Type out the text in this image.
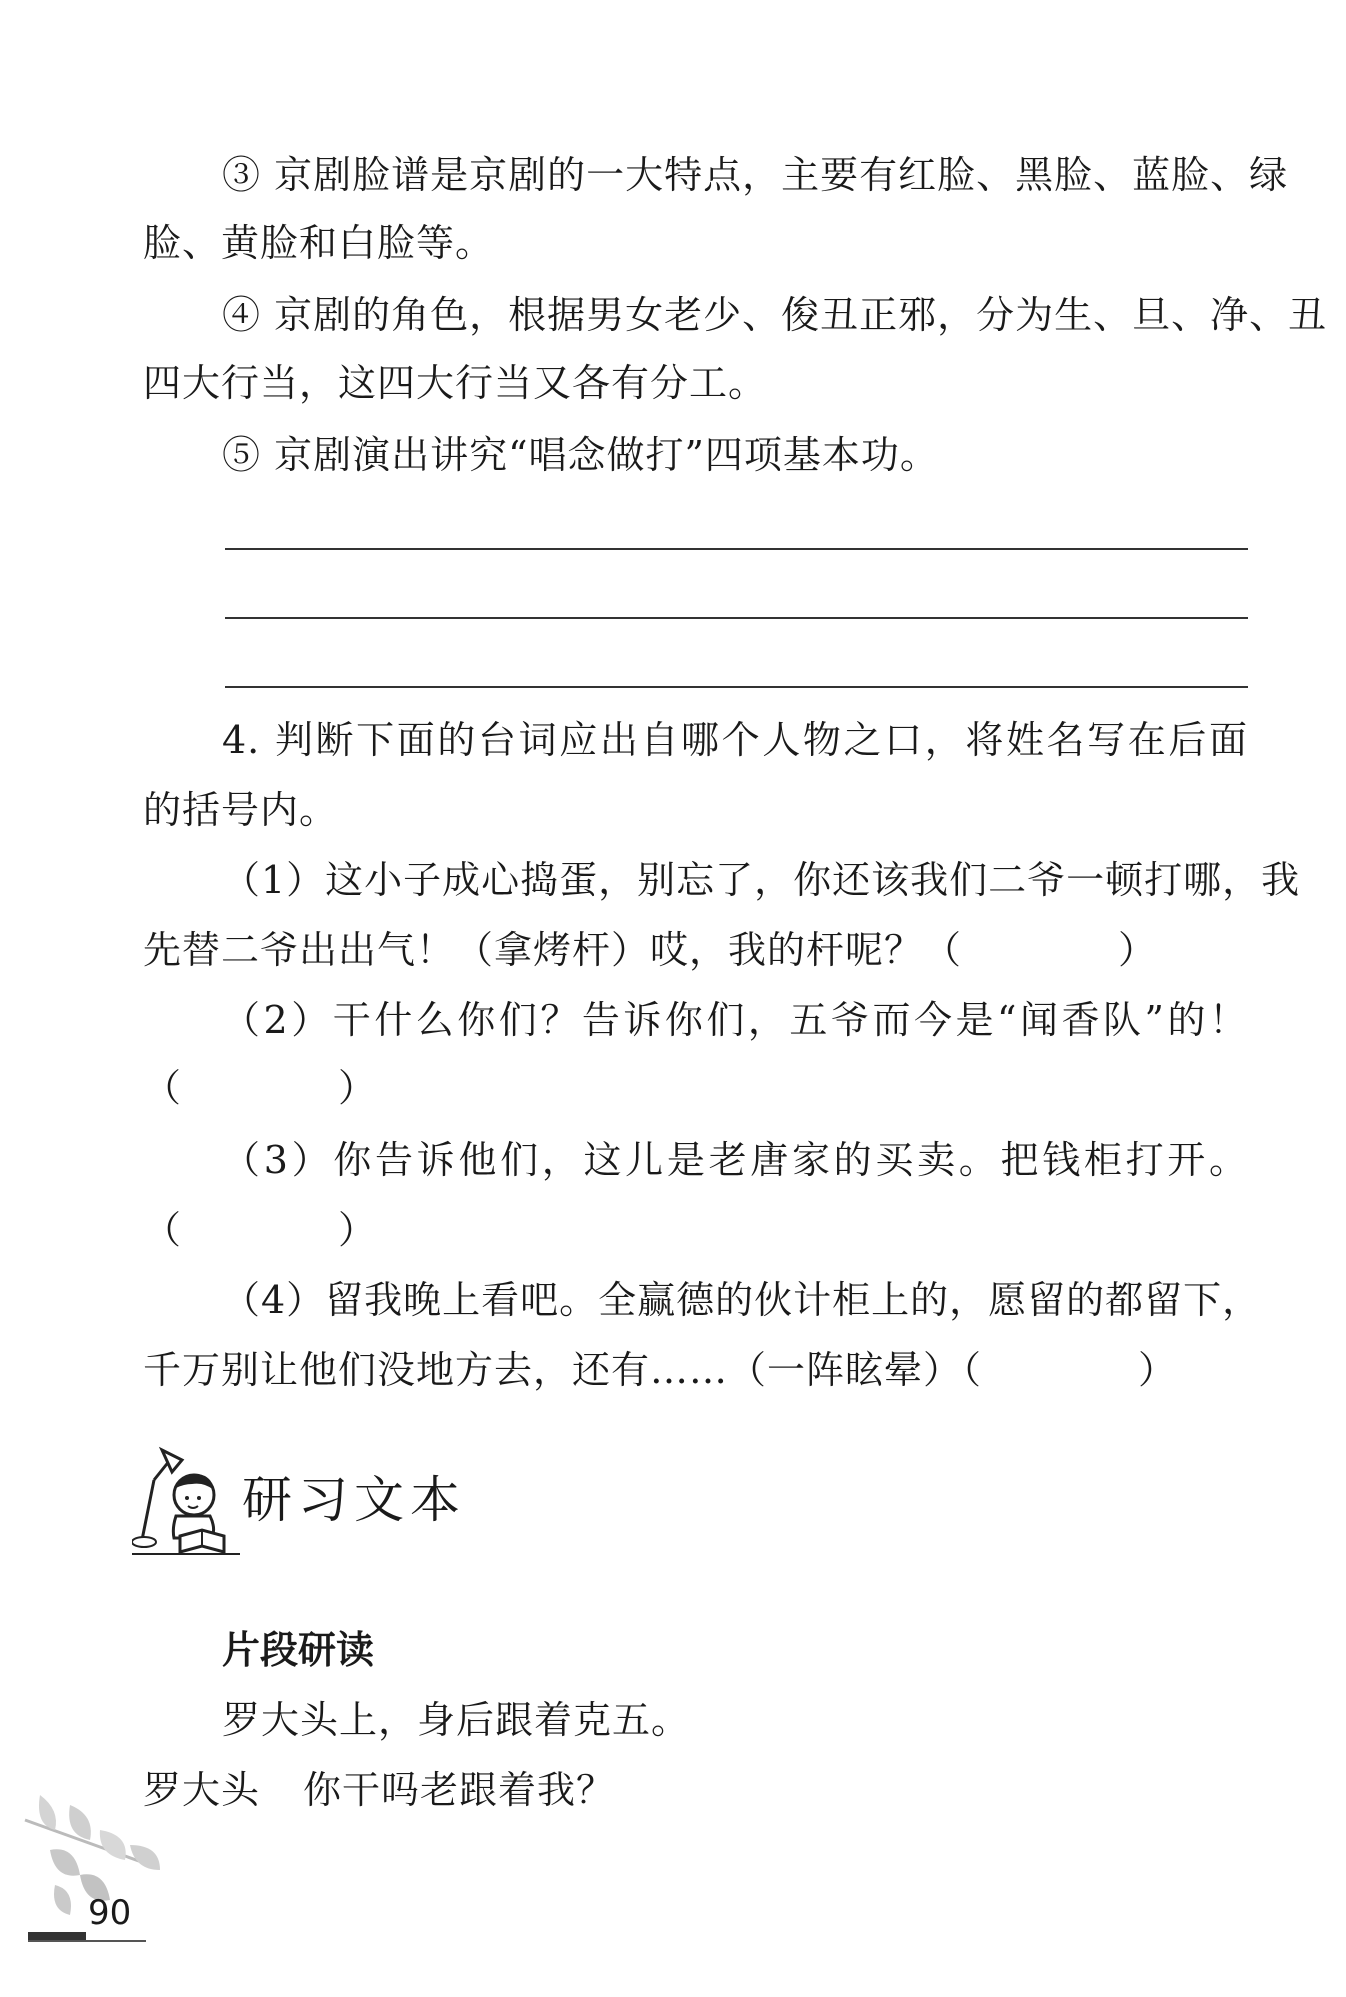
③ 京剧脸谱是京剧的一大特点，主要有红脸、黑脸、蓝脸、绿
脸、黄脸和白脸等。
④ 京剧的角色，根据男女老少、俊丑正邪，分为生、旦、净、丑
四大行当，这四大行当又各有分工。
⑤ 京剧演出讲究“唱念做打”四项基本功。
4. 判断下面的台词应出自哪个人物之口，将姓名写在后面
的括号内。
（1）这小子成心捣蛋，别忘了，你还该我们二爷一顿打哪，我
先替二爷出出气！（拿烤杆）哎，我的杆呢？（　　　　）
（2）干什么你们？告诉你们，五爷而今是“闻香队”的！
（　　　　）
（3）你告诉他们，这儿是老唐家的买卖。把钱柜打开。
（　　　　）
（4）留我晚上看吧。全赢德的伙计柜上的，愿留的都留下，
千万别让他们没地方去，还有……（一阵眩晕）（　　　　）
研习文本
片段研读
罗大头上，身后跟着克五。
罗大头 你干吗老跟着我？
90
